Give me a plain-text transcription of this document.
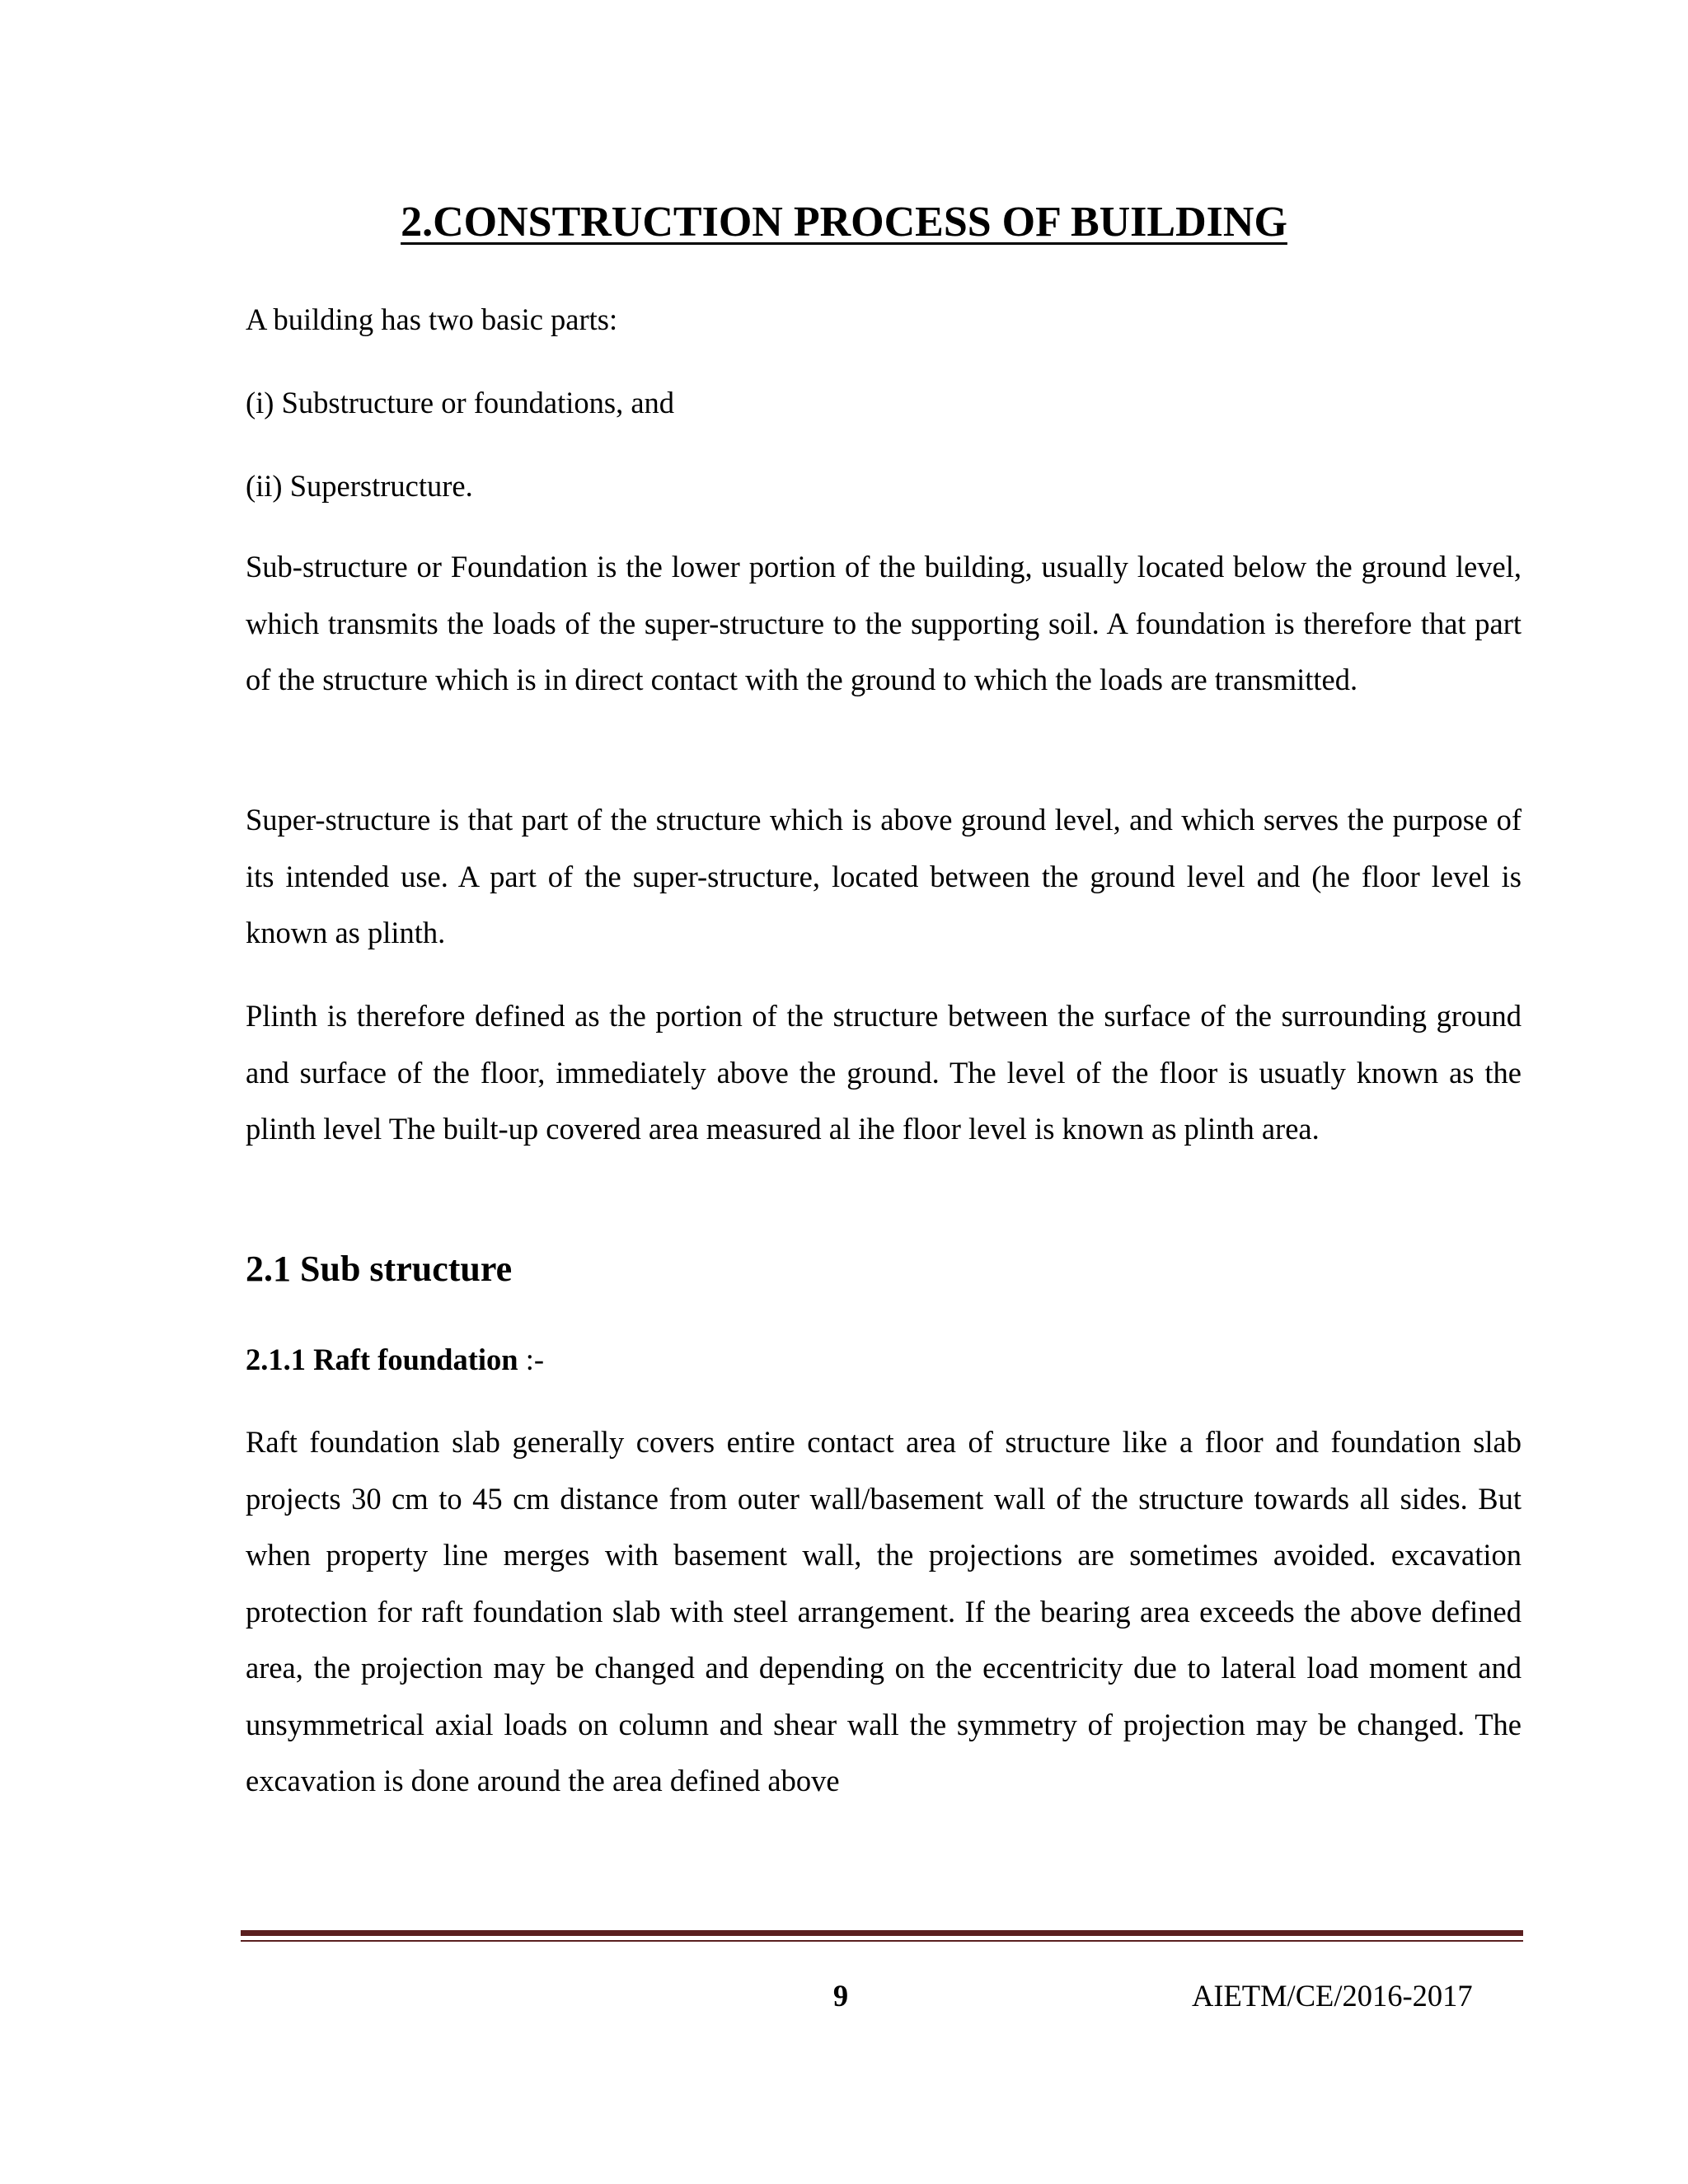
2.CONSTRUCTION PROCESS OF BUILDING

A building has two basic parts:

(i) Substructure or foundations, and

(ii) Superstructure.

Sub-structure or Foundation is the lower portion of the building, usually located below the ground level, which transmits the loads of the super-structure to the supporting soil. A foundation is therefore that part of the structure which is in direct contact with the ground to which the loads are transmitted.

Super-structure is that part of the structure which is above ground level, and which serves the purpose of its intended use. A part of the super-structure, located between the ground level and (he floor level is known as plinth.

Plinth is therefore defined as the portion of the structure between the surface of the surrounding ground and surface of the floor, immediately above the ground. The level of the floor is usuatly known as the plinth level The built-up covered area measured al ihe floor level is known as plinth area.

2.1 Sub structure

2.1.1 Raft foundation :-

Raft foundation slab generally covers entire contact area of structure like a floor and foundation slab projects 30 cm to 45 cm distance from outer wall/basement wall of the structure towards all sides. But when property line merges with basement wall, the projections are sometimes avoided. excavation protection for raft foundation slab with steel arrangement. If the bearing area exceeds the above defined area, the projection may be changed and depending on the eccentricity due to lateral load moment and unsymmetrical axial loads on column and shear wall the symmetry of projection may be changed. The excavation is done around the area defined above

9	AIETM/CE/2016-2017
